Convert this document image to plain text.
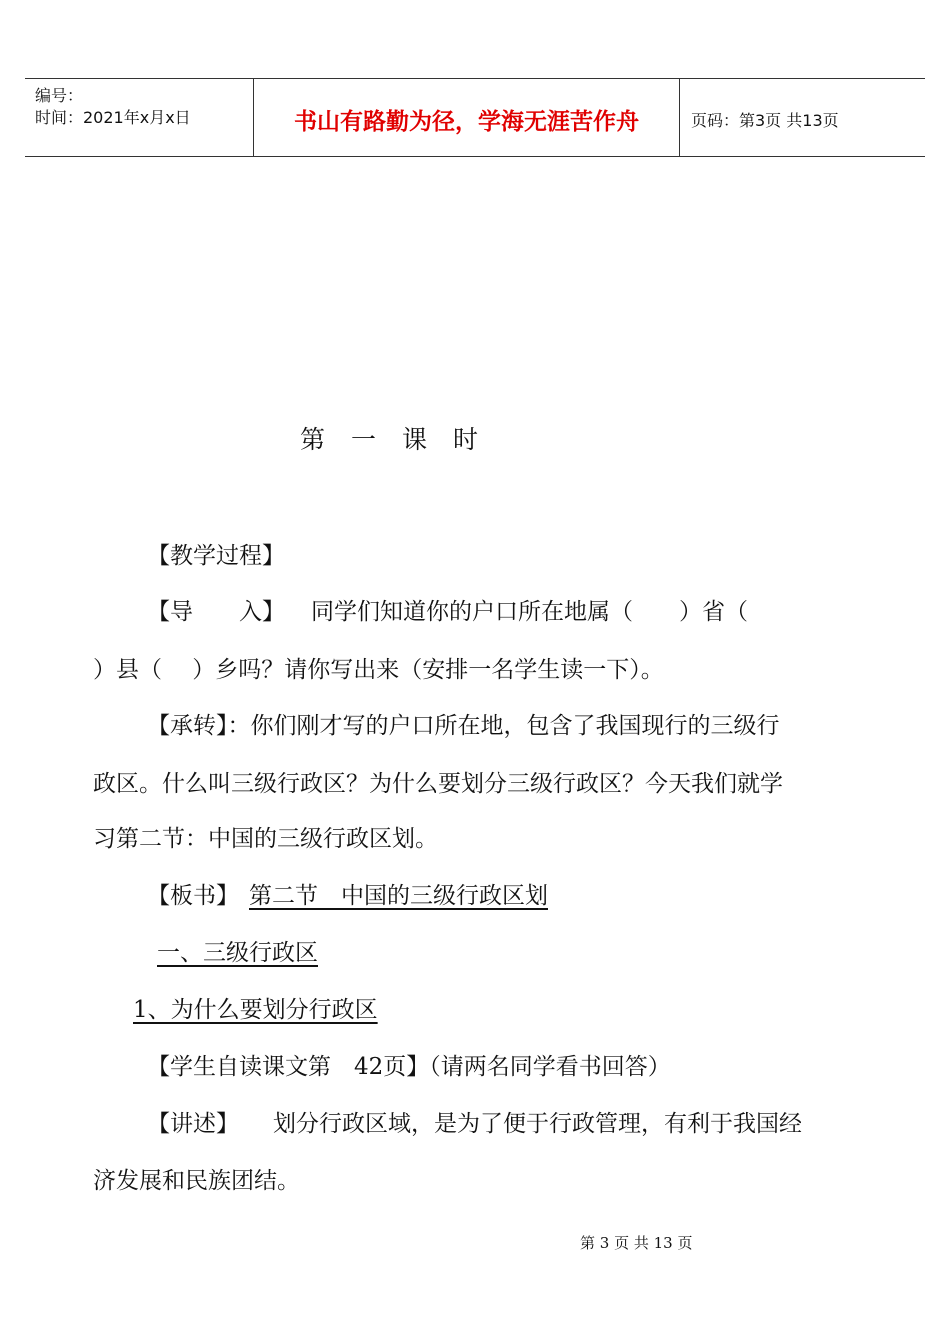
编号：
时间：2021年x月x日	书山有路勤为径，学海无涯苦作舟	页码：第3页 共13页
第一课时
【教学过程】
【导　　入】 同学们知道你的户口所在地属（　　）省（
）县（　 ）乡吗？请你写出来（安排一名学生读一下）。
【承转】：你们刚才写的户口所在地，包含了我国现行的三级行
政区。什么叫三级行政区？为什么要划分三级行政区？今天我们就学
习第二节：中国的三级行政区划。
【板书】 第二节　中国的三级行政区划
一、三级行政区
1、为什么要划分行政区
【学生自读课文第　42页】（请两名同学看书回答）
【讲述】 划分行政区域，是为了便于行政管理，有利于我国经
济发展和民族团结。
第 3 页 共 13 页
